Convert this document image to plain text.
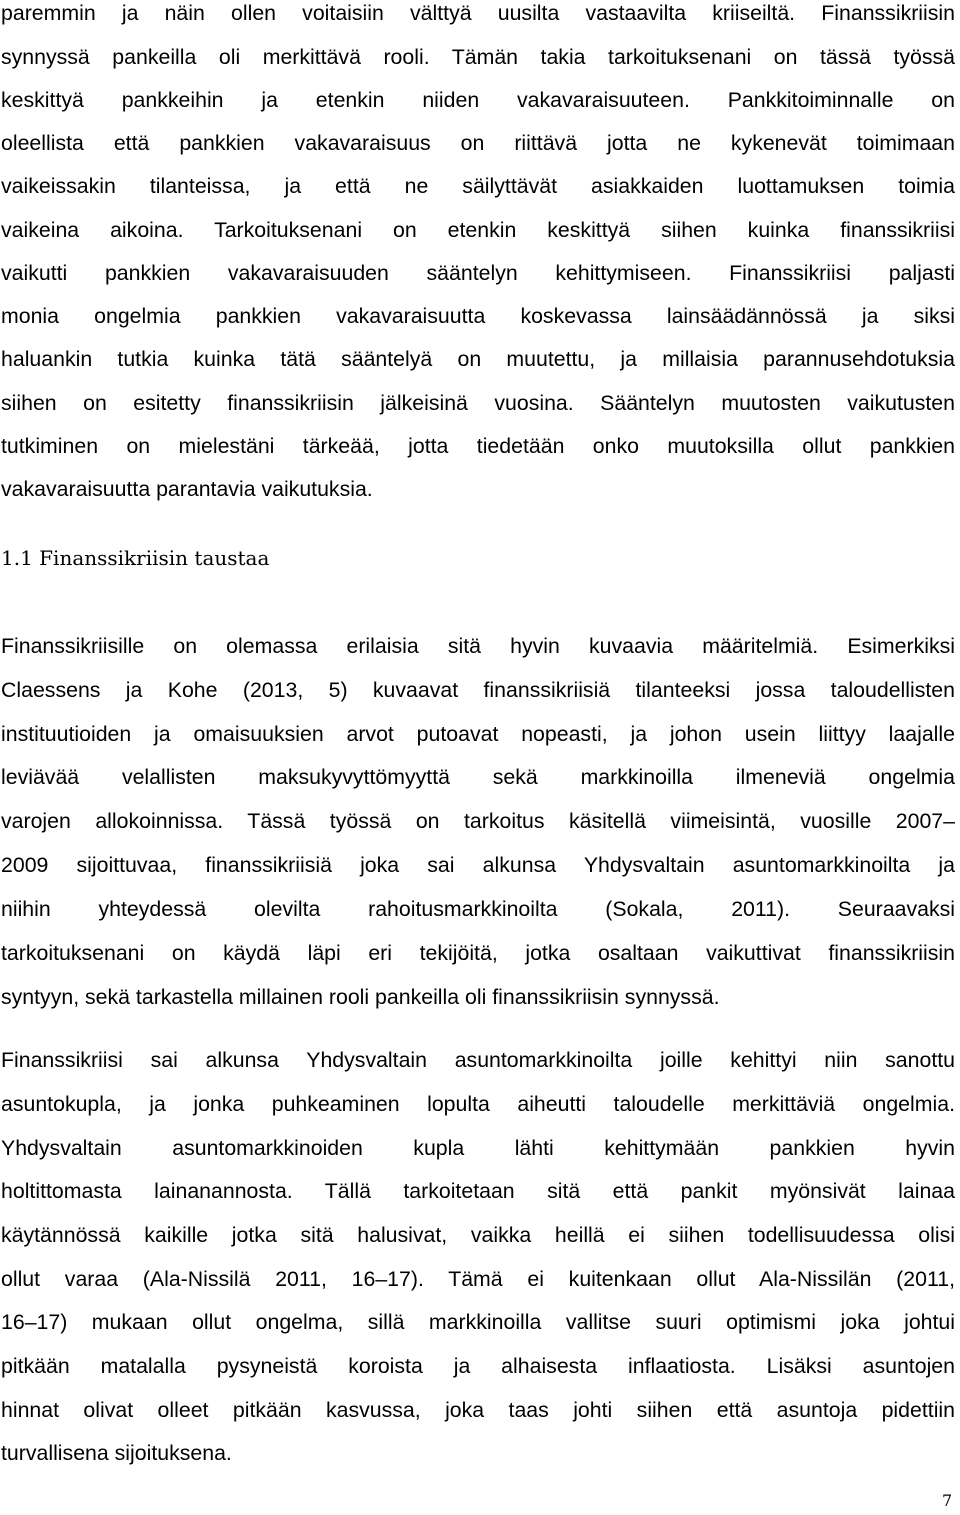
paremmin ja näin ollen voitaisiin välttyä uusilta vastaavilta kriiseiltä. Finanssikriisin
synnyssä pankeilla oli merkittävä rooli. Tämän takia tarkoituksenani on tässä työssä
keskittyä pankkeihin ja etenkin niiden vakavaraisuuteen. Pankkitoiminnalle on
oleellista että pankkien vakavaraisuus on riittävä jotta ne kykenevät toimimaan
vaikeissakin tilanteissa, ja että ne säilyttävät asiakkaiden luottamuksen toimia
vaikeina aikoina. Tarkoituksenani on etenkin keskittyä siihen kuinka finanssikriisi
vaikutti pankkien vakavaraisuuden sääntelyn kehittymiseen. Finanssikriisi paljasti
monia ongelmia pankkien vakavaraisuutta koskevassa lainsäädännössä ja siksi
haluankin tutkia kuinka tätä sääntelyä on muutettu, ja millaisia parannusehdotuksia
siihen on esitetty finanssikriisin jälkeisinä vuosina. Sääntelyn muutosten vaikutusten
tutkiminen on mielestäni tärkeää, jotta tiedetään onko muutoksilla ollut pankkien
vakavaraisuutta parantavia vaikutuksia.
1.1 Finanssikriisin taustaa
Finanssikriisille on olemassa erilaisia sitä hyvin kuvaavia määritelmiä. Esimerkiksi
Claessens ja Kohe (2013, 5) kuvaavat finanssikriisiä tilanteeksi jossa taloudellisten
instituutioiden ja omaisuuksien arvot putoavat nopeasti, ja johon usein liittyy laajalle
leviävää velallisten maksukyvyttömyyttä sekä markkinoilla ilmeneviä ongelmia
varojen allokoinnissa. Tässä työssä on tarkoitus käsitellä viimeisintä, vuosille 2007–
2009 sijoittuvaa, finanssikriisiä joka sai alkunsa Yhdysvaltain asuntomarkkinoilta ja
niihin yhteydessä olevilta rahoitusmarkkinoilta (Sokala, 2011). Seuraavaksi
tarkoituksenani on käydä läpi eri tekijöitä, jotka osaltaan vaikuttivat finanssikriisin
syntyyn, sekä tarkastella millainen rooli pankeilla oli finanssikriisin synnyssä.
Finanssikriisi sai alkunsa Yhdysvaltain asuntomarkkinoilta joille kehittyi niin sanottu
asuntokupla, ja jonka puhkeaminen lopulta aiheutti taloudelle merkittäviä ongelmia.
Yhdysvaltain asuntomarkkinoiden kupla lähti kehittymään pankkien hyvin
holtittomasta lainanannosta. Tällä tarkoitetaan sitä että pankit myönsivät lainaa
käytännössä kaikille jotka sitä halusivat, vaikka heillä ei siihen todellisuudessa olisi
ollut varaa (Ala-Nissilä 2011, 16–17). Tämä ei kuitenkaan ollut Ala-Nissilän (2011,
16–17) mukaan ollut ongelma, sillä markkinoilla vallitse suuri optimismi joka johtui
pitkään matalalla pysyneistä koroista ja alhaisesta inflaatiosta. Lisäksi asuntojen
hinnat olivat olleet pitkään kasvussa, joka taas johti siihen että asuntoja pidettiin
turvallisena sijoituksena.
7
